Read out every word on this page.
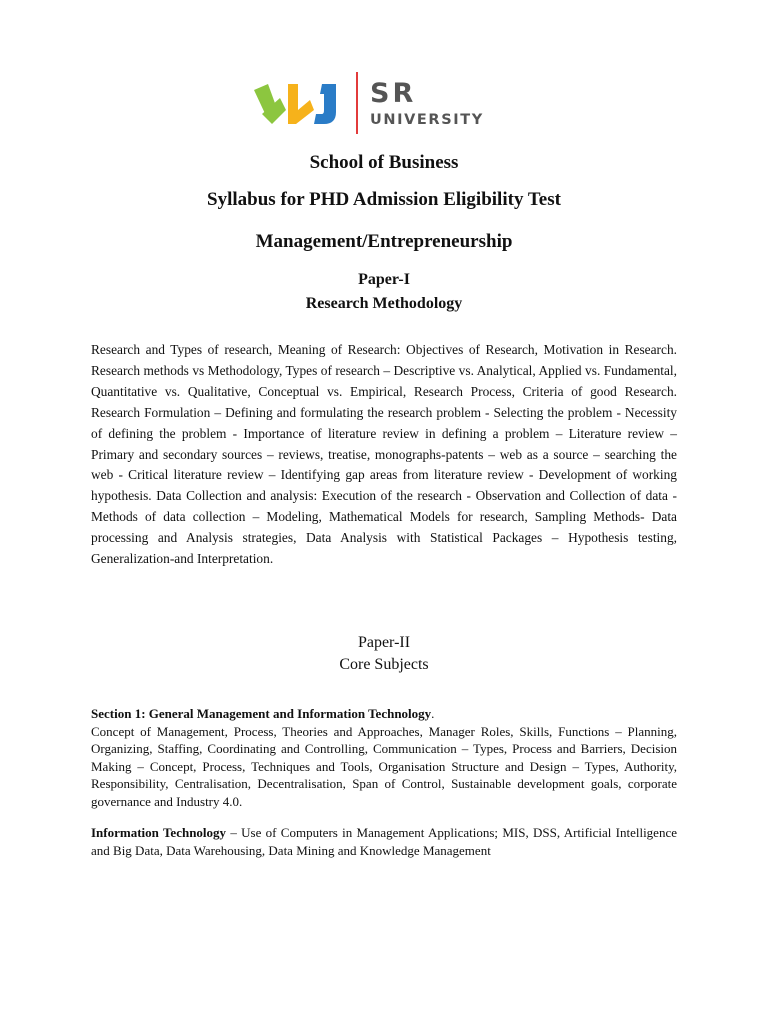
SR
UNIVERSITY
School of Business
Syllabus for PHD Admission Eligibility Test
Management/Entrepreneurship
Paper-I
Research Methodology

Research and Types of research, Meaning of Research: Objectives of Research, Motivation in Research. Research methods vs Methodology, Types of research – Descriptive vs. Analytical, Applied vs. Fundamental, Quantitative vs. Qualitative, Conceptual vs. Empirical, Research Process, Criteria of good Research. Research Formulation – Defining and formulating the research problem - Selecting the problem - Necessity of defining the problem - Importance of literature review in defining a problem – Literature review – Primary and secondary sources – reviews, treatise, monographs-patents – web as a source – searching the web - Critical literature review – Identifying gap areas from literature review - Development of working hypothesis. Data Collection and analysis: Execution of the research - Observation and Collection of data - Methods of data collection – Modeling, Mathematical Models for research, Sampling Methods- Data processing and Analysis strategies, Data Analysis with Statistical Packages – Hypothesis testing, Generalization-and Interpretation.

Paper-II
Core Subjects

Section 1: General Management and Information Technology.
Concept of Management, Process, Theories and Approaches, Manager Roles, Skills, Functions – Planning, Organizing, Staffing, Coordinating and Controlling, Communication – Types, Process and Barriers, Decision Making – Concept, Process, Techniques and Tools, Organisation Structure and Design – Types, Authority, Responsibility, Centralisation, Decentralisation, Span of Control, Sustainable development goals, corporate governance and Industry 4.0.

Information Technology – Use of Computers in Management Applications; MIS, DSS, Artificial Intelligence and Big Data, Data Warehousing, Data Mining and Knowledge Management
